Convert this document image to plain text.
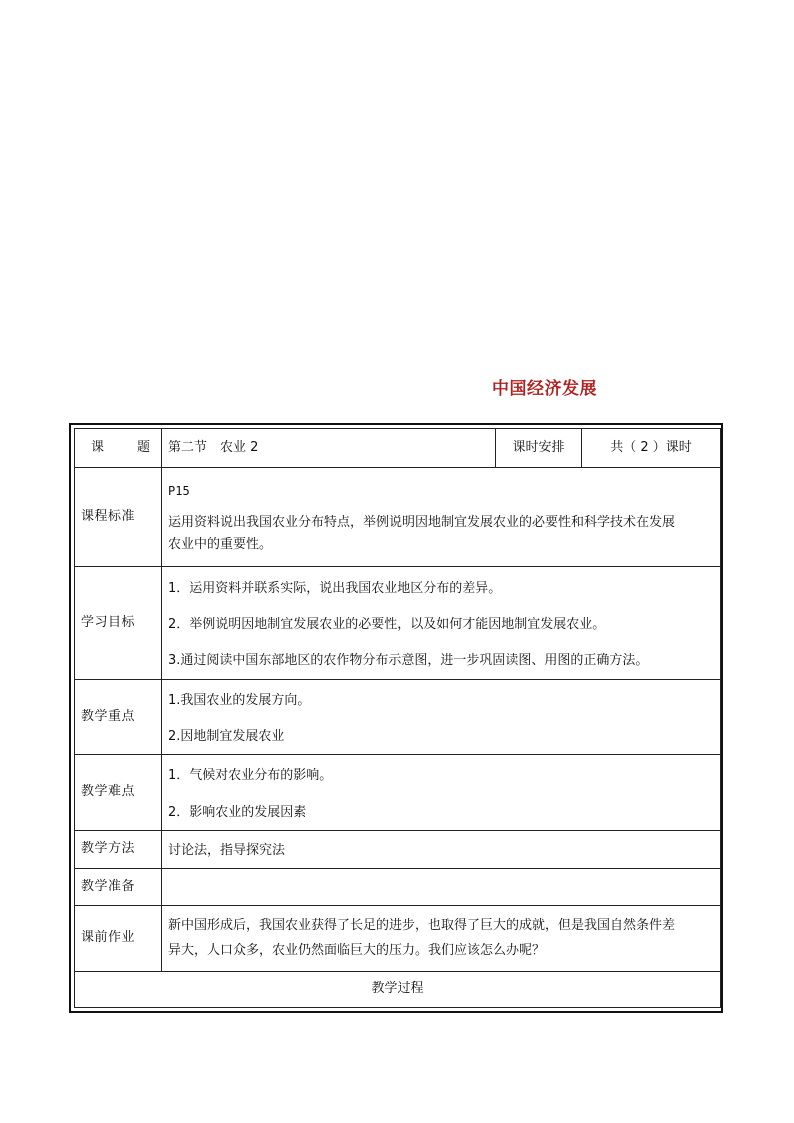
中国经济发展
课 题	第二节　农业 2	课时安排	共（ 2 ）课时
课程标准	P15
运用资料说出我国农业分布特点，举例说明因地制宜发展农业的必要性和科学技术在发展
农业中的重要性。		

学习目标	1．运用资料并联系实际，说出我国农业地区分布的差异。
2．举例说明因地制宜发展农业的必要性，以及如何才能因地制宜发展农业。
3.通过阅读中国东部地区的农作物分布示意图，进一步巩固读图、用图的正确方法。		

教学重点	1.我国农业的发展方向。
2.因地制宜发展农业		

教学难点	1．气候对农业分布的影响。
2．影响农业的发展因素		

教学方法	讨论法，指导探究法		

教学准备			
课前作业	新中国形成后，我国农业获得了长足的进步，也取得了巨大的成就，但是我国自然条件差
异大，人口众多，农业仍然面临巨大的压力。我们应该怎么办呢？		

教学过程			
